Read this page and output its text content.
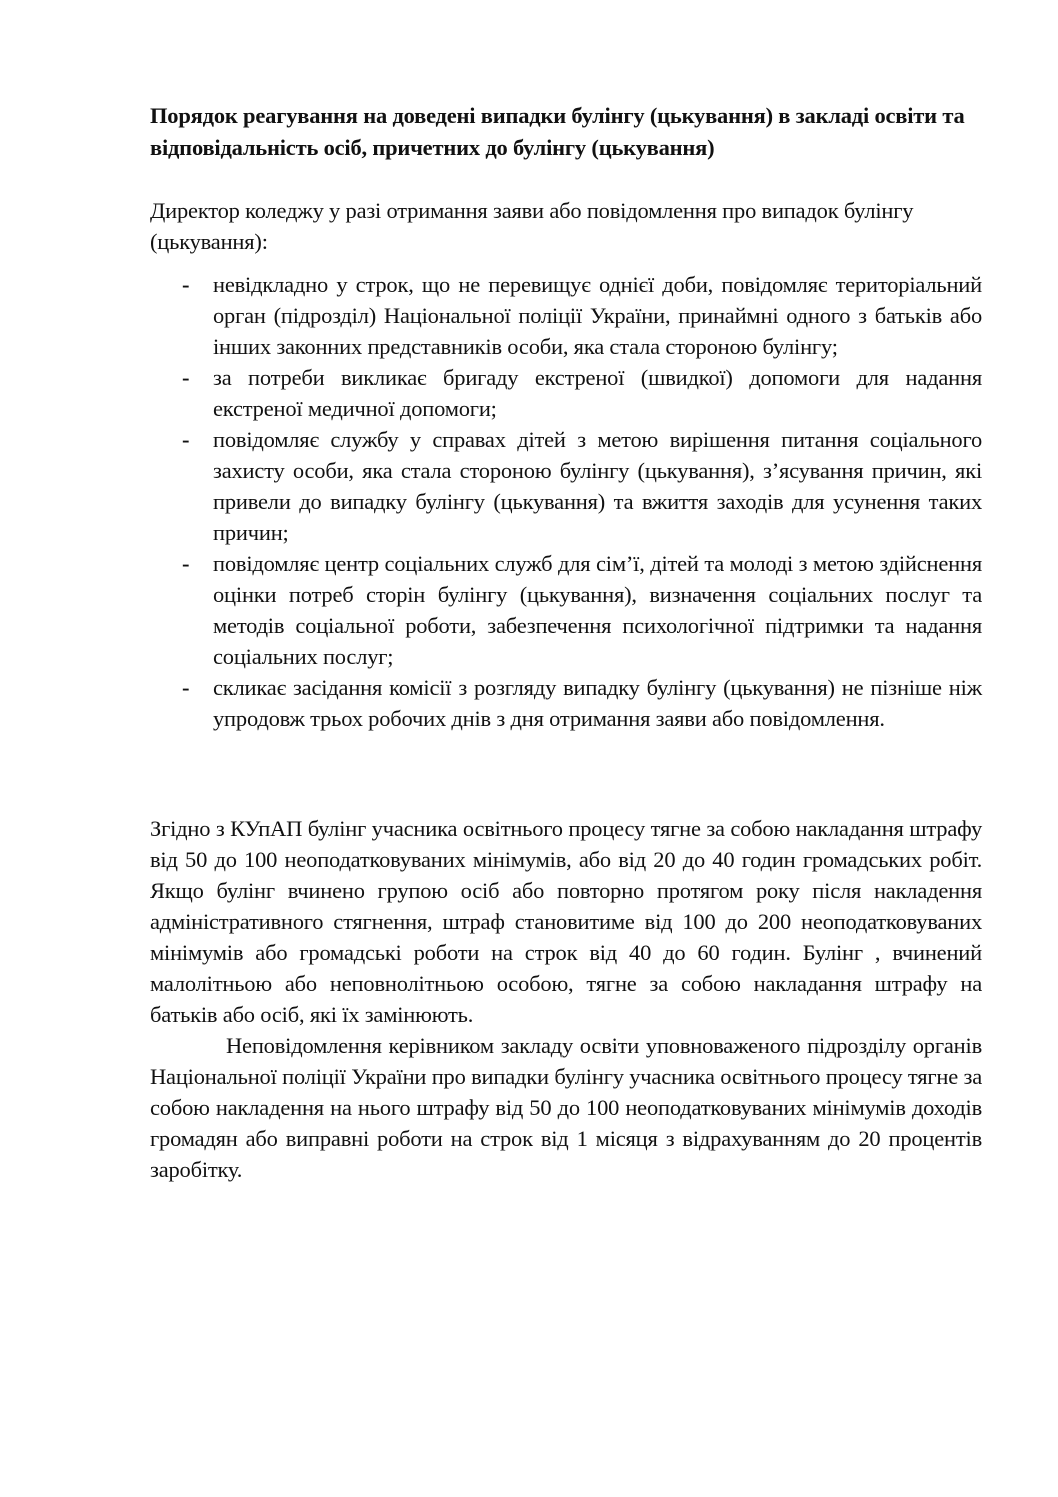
Порядок реагування на доведені випадки булінгу (цькування) в закладі освіти та відповідальність осіб, причетних до булінгу (цькування)

Директор коледжу у разі отримання заяви або повідомлення про випадок булінгу (цькування):

- невідкладно у строк, що не перевищує однієї доби, повідомляє територіальний орган (підрозділ) Національної поліції України, принаймні одного з батьків або інших законних представників особи, яка стала стороною булінгу;
- за потреби викликає бригаду екстреної (швидкої) допомоги для надання екстреної медичної допомоги;
- повідомляє службу у справах дітей з метою вирішення питання соціального захисту особи, яка стала стороною булінгу (цькування), з’ясування причин, які привели до випадку булінгу (цькування) та вжиття заходів для усунення таких причин;
- повідомляє центр соціальних служб для сім’ї, дітей та молоді з метою здійснення оцінки потреб сторін булінгу (цькування), визначення соціальних послуг та методів соціальної роботи, забезпечення психологічної підтримки та надання соціальних послуг;
- скликає засідання комісії з розгляду випадку булінгу (цькування) не пізніше ніж упродовж трьох робочих днів з дня отримання заяви або повідомлення.

Згідно з КУпАП булінг учасника освітнього процесу тягне за собою накладання штрафу від 50 до 100 неоподатковуваних мінімумів, або від 20 до 40 годин громадських робіт. Якщо булінг вчинено групою осіб або повторно протягом року після накладення адміністративного стягнення, штраф становитиме від 100 до 200 неоподатковуваних мінімумів або громадські роботи на строк від 40 до 60 годин. Булінг , вчинений малолітньою або неповнолітньою особою, тягне за собою накладання штрафу на батьків або осіб, які їх замінюють.

Неповідомлення керівником закладу освіти уповноваженого підрозділу органів Національної поліції України про випадки булінгу учасника освітнього процесу тягне за собою накладення на нього штрафу від 50 до 100 неоподатковуваних мінімумів доходів громадян або виправні роботи на строк від 1 місяця з відрахуванням до 20 процентів заробітку.
